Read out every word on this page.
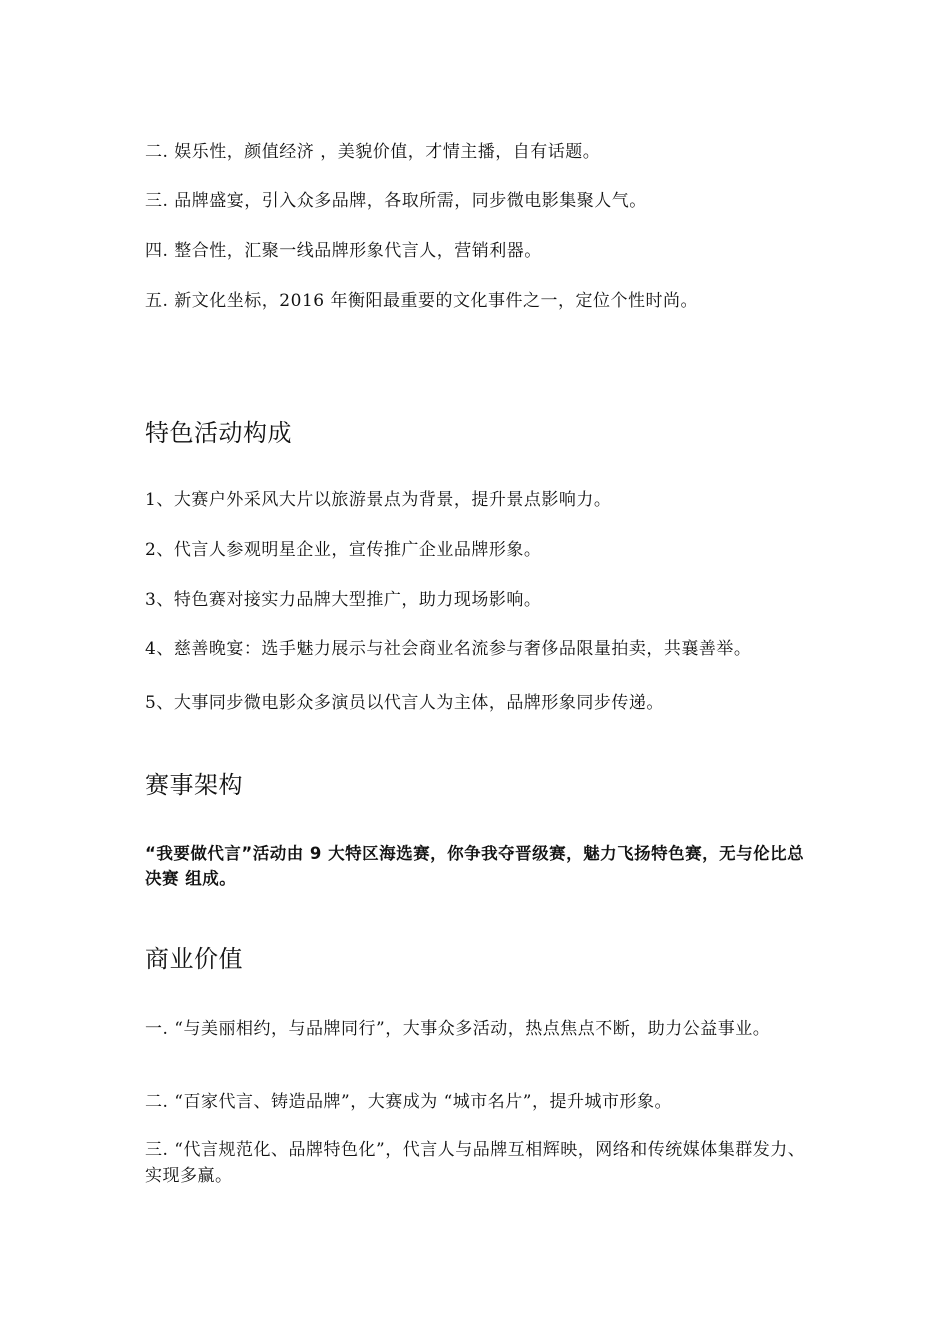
二. 娱乐性，颜值经济 ，美貌价值，才情主播，自有话题。
三. 品牌盛宴，引入众多品牌，各取所需，同步微电影集聚人气。
四. 整合性，汇聚一线品牌形象代言人，营销利器。
五. 新文化坐标，2016 年衡阳最重要的文化事件之一，定位个性时尚。
特色活动构成
1、大赛户外采风大片以旅游景点为背景，提升景点影响力。
2、代言人参观明星企业，宣传推广企业品牌形象。
3、特色赛对接实力品牌大型推广，助力现场影响。
4、慈善晚宴：选手魅力展示与社会商业名流参与奢侈品限量拍卖，共襄善举。
5、大事同步微电影众多演员以代言人为主体，品牌形象同步传递。
赛事架构
“我要做代言”活动由 9 大特区海选赛，你争我夺晋级赛，魅力飞扬特色赛，无与伦比总决赛 组成。
商业价值
一. “与美丽相约，与品牌同行”，大事众多活动，热点焦点不断，助力公益事业。
二. “百家代言、铸造品牌”，大赛成为 “城市名片”，提升城市形象。
三. “代言规范化、品牌特色化”，代言人与品牌互相辉映，网络和传统媒体集群发力、实现多赢。
